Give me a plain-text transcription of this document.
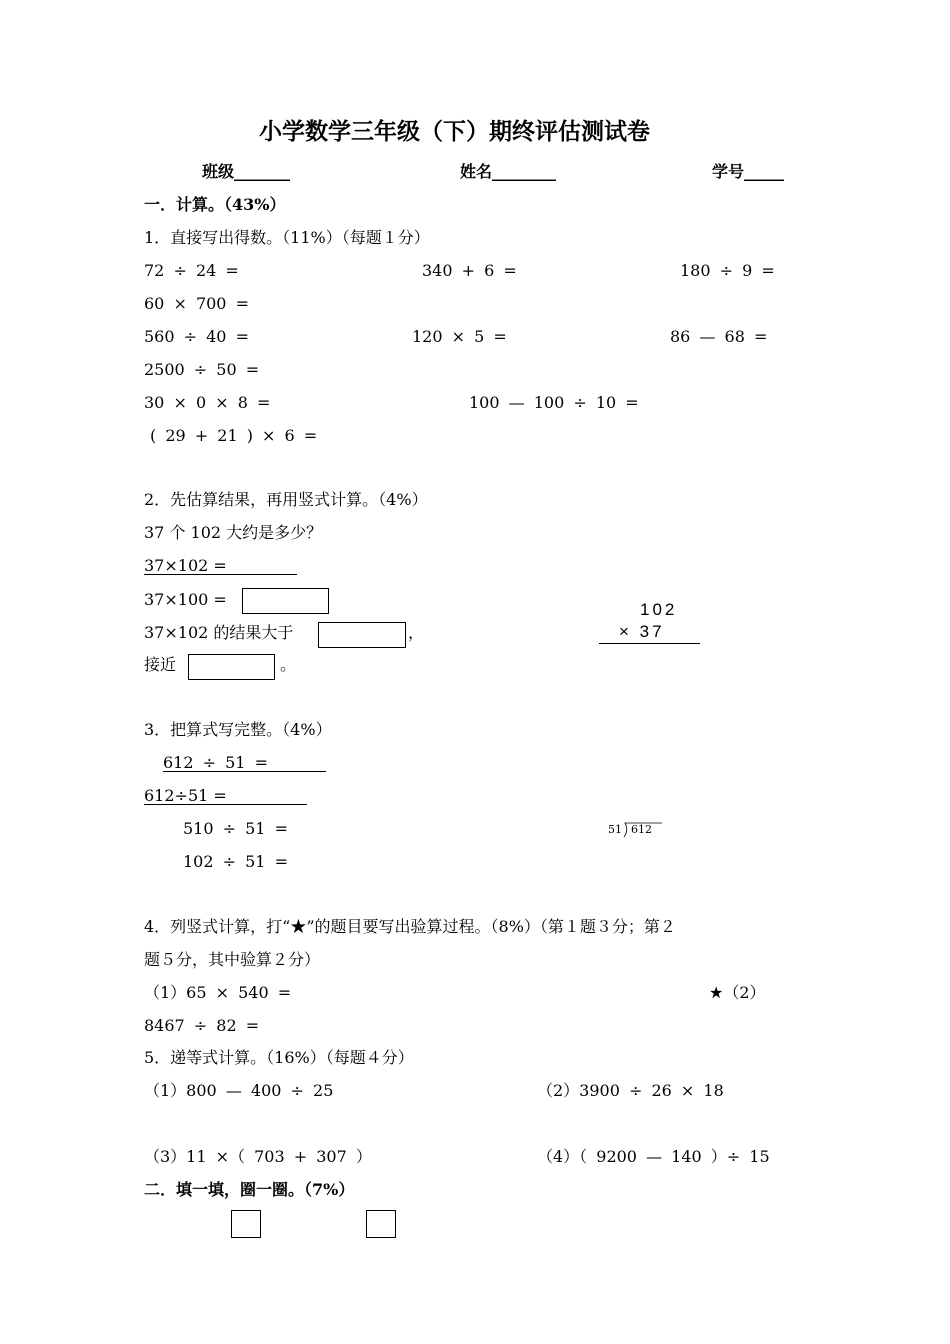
小学数学三年级（下）期终评估测试卷
班级_______	姓名________	学号_____
一．计算。（43%）
1．直接写出得数。（11%）（每题１分）
72 ÷ 24 =	340 + 6 =	180 ÷ 9 =
60 × 700 =
560 ÷ 40 =	120 × 5 =	86 — 68 =
2500 ÷ 50 =
30 × 0 × 8 =	100 — 100 ÷ 10 =
( 29 + 21 ) × 6 =
2．先估算结果，再用竖式计算。（4%）
37 个 102 大约是多少？
37×102 =
37×100 =
37×102 的结果大于	，
接近	。
102
× 37
3．把算式写完整。（4%）
612 ÷ 51 =
612÷51 =
510 ÷ 51 =
102 ÷ 51 =
51 612
4．列竖式计算，打“★”的题目要写出验算过程。（8%）（第１题３分；第２
题５分，其中验算２分）
（1）65 × 540 =	★（2）
8467 ÷ 82 =
5．递等式计算。（16%）（每题４分）
（1）800 — 400 ÷ 25	（2）3900 ÷ 26 × 18
（3）11 ×（ 703 + 307 ）	（4）（ 9200 — 140 ）÷ 15
二．填一填，圈一圈。（7%）
